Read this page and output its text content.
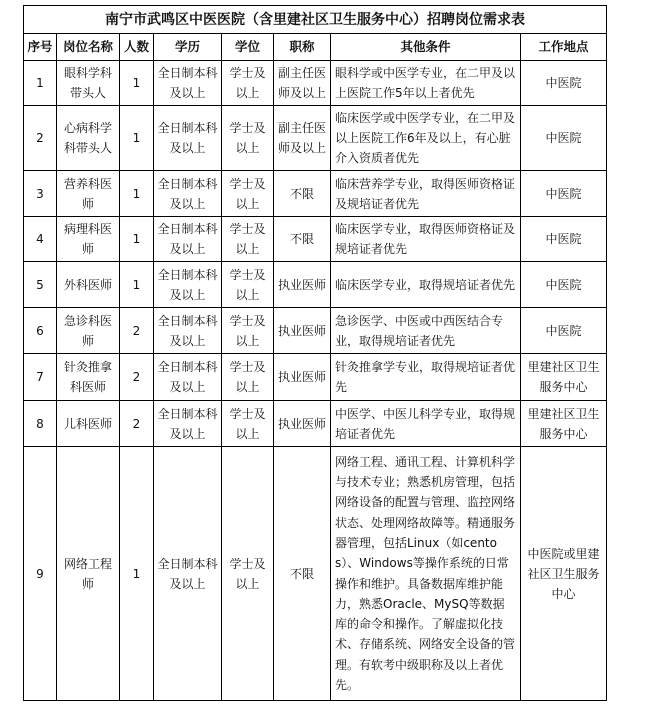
南宁市武鸣区中医医院（含里建社区卫生服务中心）招聘岗位需求表							
序号	岗位名称	人数	学历	学位	职称	其他条件	工作地点
1	眼科学科带头人	1	全日制本科及以上	学士及以上	副主任医师及以上	眼科学或中医学专业，在二甲及以上医院工作5年以上者优先	中医院
2	心病科学科带头人	1	全日制本科及以上	学士及以上	副主任医师及以上	临床医学或中医学专业，在二甲及以上医院工作6年及以上，有心脏介入资质者优先	中医院
3	营养科医师	1	全日制本科及以上	学士及以上	不限	临床营养学专业，取得医师资格证及规培证者优先	中医院
4	病理科医师	1	全日制本科及以上	学士及以上	不限	临床医学专业，取得医师资格证及规培证者优先	中医院
5	外科医师	1	全日制本科及以上	学士及以上	执业医师	临床医学专业，取得规培证者优先	中医院
6	急诊科医师	2	全日制本科及以上	学士及以上	执业医师	急诊医学、中医或中西医结合专业，取得规培证者优先	中医院
7	针灸推拿科医师	2	全日制本科及以上	学士及以上	执业医师	针灸推拿学专业，取得规培证者优先	里建社区卫生服务中心
8	儿科医师	2	全日制本科及以上	学士及以上	执业医师	中医学、中医儿科学专业，取得规培证者优先	里建社区卫生服务中心
9	网络工程师	1	全日制本科及以上	学士及以上	不限	网络工程、通讯工程、计算机科学与技术专业；熟悉机房管理，包括网络设备的配置与管理、监控网络状态、处理网络故障等。精通服务器管理，包括Linux（如centos）、Windows等操作系统的日常操作和维护。具备数据库维护能力，熟悉Oracle、MySQ等数据库的命令和操作。了解虚拟化技术、存储系统、网络安全设备的管理。有软考中级职称及以上者优先。	中医院或里建社区卫生服务中心
